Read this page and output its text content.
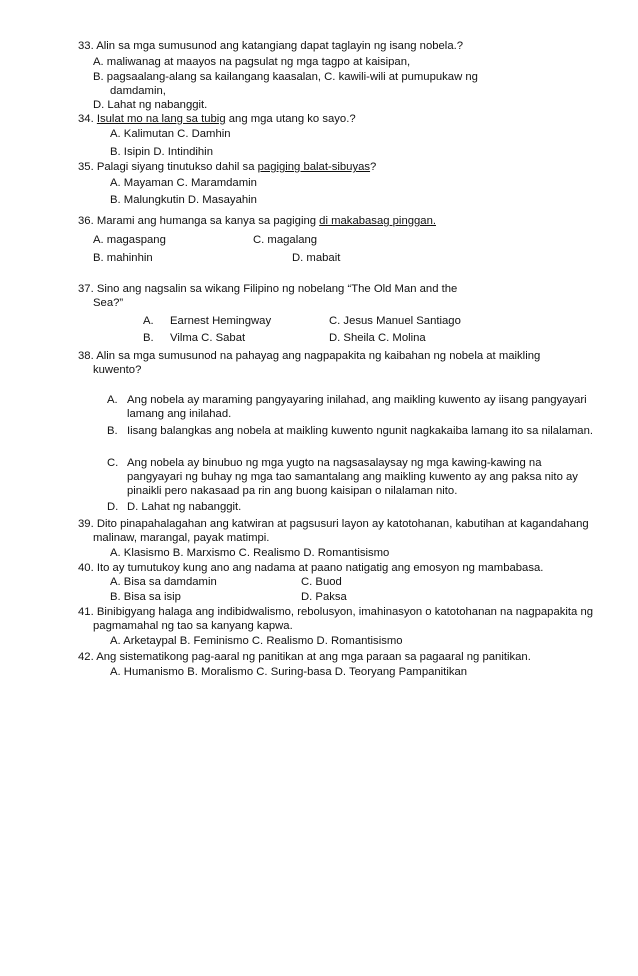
33. Alin sa mga sumusunod ang katangiang dapat taglayin ng isang nobela.?
A. maliwanag at maayos na pagsulat ng mga tagpo at kaisipan,
B. pagsaalang-alang sa kailangang kaasalan, C. kawili-wili at pumupukaw ng
damdamin,
D. Lahat ng nabanggit.
34. Isulat mo na lang sa tubig ang mga utang ko sayo.?
A. Kalimutan C. Damhin
B. Isipin D. Intindihin
35. Palagi siyang tinutukso dahil sa pagiging balat-sibuyas?
A. Mayaman C. Maramdamin
B. Malungkutin D. Masayahin
36. Marami ang humanga sa kanya sa pagiging di makabasag pinggan.
A. magaspang	C. magalang
B. mahinhin	D. mabait
37. Sino ang nagsalin sa wikang Filipino ng nobelang “The Old Man and the
Sea?”
A. Earnest Hemingway	C. Jesus Manuel Santiago
B. Vilma C. Sabat	D. Sheila C. Molina
38. Alin sa mga sumusunod na pahayag ang nagpapakita ng kaibahan ng nobela at maikling
kuwento?
A. Ang nobela ay maraming pangyayaring inilahad, ang maikling kuwento ay iisang pangyayari lamang ang inilahad.
B. Iisang balangkas ang nobela at maikling kuwento ngunit nagkakaiba lamang ito sa nilalaman.
C. Ang nobela ay binubuo ng mga yugto na nagsasalaysay ng mga kawing-kawing na pangyayari ng buhay ng mga tao samantalang ang maikling kuwento ay ang paksa nito ay pinaikli pero nakasaad pa rin ang buong kaisipan o nilalaman nito.
D. D. Lahat ng nabanggit.
39. Dito pinapahalagahan ang katwiran at pagsusuri layon ay katotohanan, kabutihan at kagandahang
malinaw, marangal, payak matimpi.
A. Klasismo B. Marxismo C. Realismo D. Romantisismo
40. Ito ay tumutukoy kung ano ang nadama at paano natigatig ang emosyon ng mambabasa.
A. Bisa sa damdamin	C. Buod
B. Bisa sa isip	D. Paksa
41. Binibigyang halaga ang indibidwalismo, rebolusyon, imahinasyon o katotohanan na nagpapakita ng
pagmamahal ng tao sa kanyang kapwa.
A. Arketaypal B. Feminismo C. Realismo D. Romantisismo
42. Ang sistematikong pag-aaral ng panitikan at ang mga paraan sa pagaaral ng panitikan.
A. Humanismo B. Moralismo C. Suring-basa D. Teoryang Pampanitikan
